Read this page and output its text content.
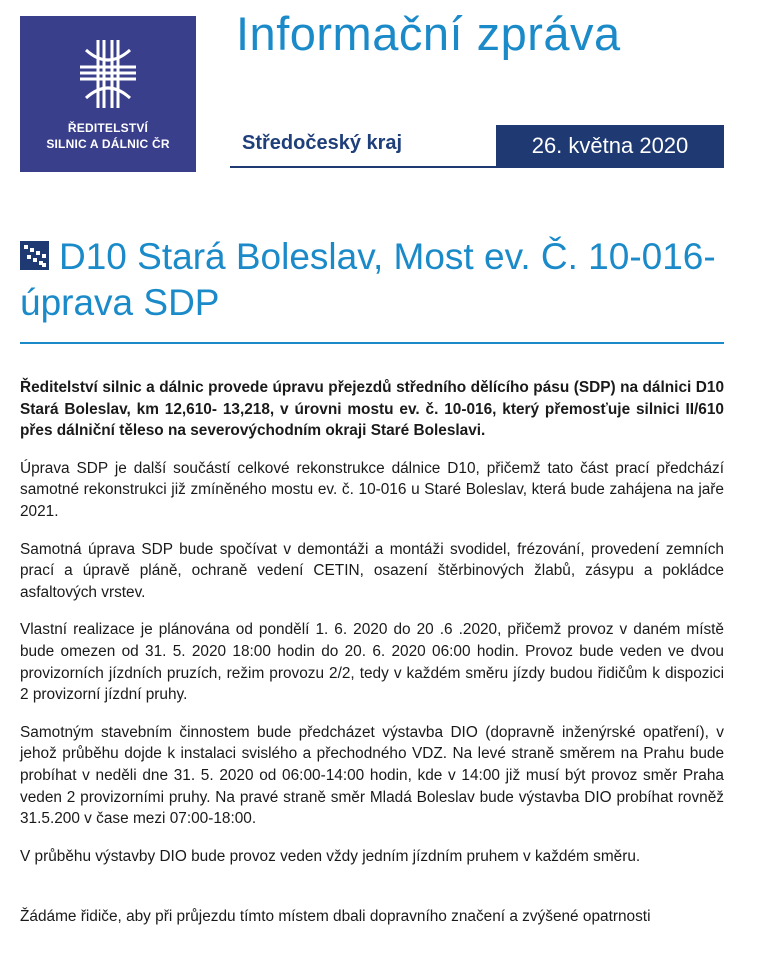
ŘEDITELSTVÍ
SILNIC A DÁLNIC ČR
Informační zpráva
Středočeský kraj	26. května 2020
D10 Stará Boleslav, Most ev. Č. 10-016- úprava SDP

Ředitelství silnic a dálnic provede úpravu přejezdů středního dělícího pásu (SDP) na dálnici D10 Stará Boleslav, km 12,610- 13,218, v úrovni mostu ev. č. 10-016, který přemosťuje silnici II/610 přes dálniční těleso na severovýchodním okraji Staré Boleslavi.

Úprava SDP je další součástí celkové rekonstrukce dálnice D10, přičemž tato část prací předchází samotné rekonstrukci již zmíněného mostu ev. č. 10-016 u Staré Boleslav, která bude zahájena na jaře 2021.

Samotná úprava SDP bude spočívat v demontáži a montáži svodidel, frézování, provedení zemních prací a úpravě pláně, ochraně vedení CETIN, osazení štěrbinových žlabů, zásypu a pokládce asfaltových vrstev.

Vlastní realizace je plánována od pondělí 1. 6. 2020 do 20 .6 .2020, přičemž provoz v daném místě bude omezen od 31. 5. 2020 18:00 hodin do 20. 6. 2020 06:00 hodin. Provoz bude veden ve dvou provizorních jízdních pruzích, režim provozu 2/2, tedy v každém směru jízdy budou řidičům k dispozici 2 provizorní jízdní pruhy.

Samotným stavebním činnostem bude předcházet výstavba DIO (dopravně inženýrské opatření), v jehož průběhu dojde k instalaci svislého a přechodného VDZ. Na levé straně směrem na Prahu bude probíhat v neděli dne 31. 5. 2020 od 06:00-14:00 hodin, kde v 14:00 již musí být provoz směr Praha veden 2 provizorními pruhy. Na pravé straně směr Mladá Boleslav bude výstavba DIO probíhat rovněž 31.5.200 v čase mezi 07:00-18:00.

V průběhu výstavby DIO bude provoz veden vždy jedním jízdním pruhem v každém směru.

Žádáme řidiče, aby při průjezdu tímto místem dbali dopravního značení a zvýšené opatrnosti
